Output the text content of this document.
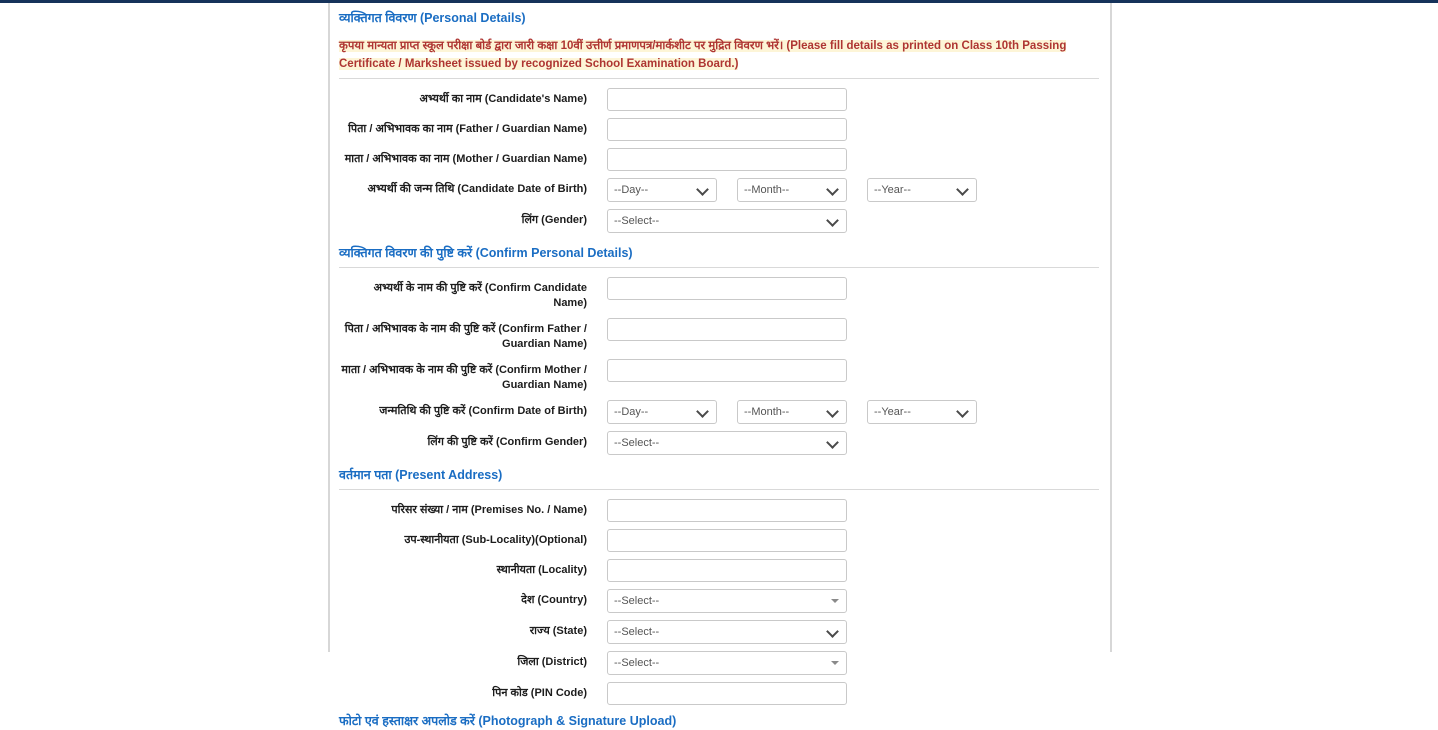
व्यक्तिगत विवरण (Personal Details)
कृपया मान्यता प्राप्त स्कूल परीक्षा बोर्ड द्वारा जारी कक्षा 10वीं उत्तीर्ण प्रमाणपत्र/मार्कशीट पर मुद्रित विवरण भरें। (Please fill details as printed on Class 10th Passing Certificate / Marksheet issued by recognized School Examination Board.)
अभ्यर्थी का नाम (Candidate's Name)
पिता / अभिभावक का नाम (Father / Guardian Name)
माता / अभिभावक का नाम (Mother / Guardian Name)
अभ्यर्थी की जन्म तिथि (Candidate Date of Birth)
--Day--
--Month--
--Year--
लिंग (Gender)
--Select--
व्यक्तिगत विवरण की पुष्टि करें (Confirm Personal Details)
अभ्यर्थी के नाम की पुष्टि करें (Confirm Candidate Name)
पिता / अभिभावक के नाम की पुष्टि करें (Confirm Father / Guardian Name)
माता / अभिभावक के नाम की पुष्टि करें (Confirm Mother / Guardian Name)
जन्मतिथि की पुष्टि करें (Confirm Date of Birth)
--Day--
--Month--
--Year--
लिंग की पुष्टि करें (Confirm Gender)
--Select--
वर्तमान पता (Present Address)
परिसर संख्या / नाम (Premises No. / Name)
उप-स्थानीयता (Sub-Locality)(Optional)
स्थानीयता (Locality)
देश (Country)
--Select--
राज्य (State)
--Select--
जिला (District)
--Select--
पिन कोड (PIN Code)
फोटो एवं हस्ताक्षर अपलोड करें (Photograph & Signature Upload)
